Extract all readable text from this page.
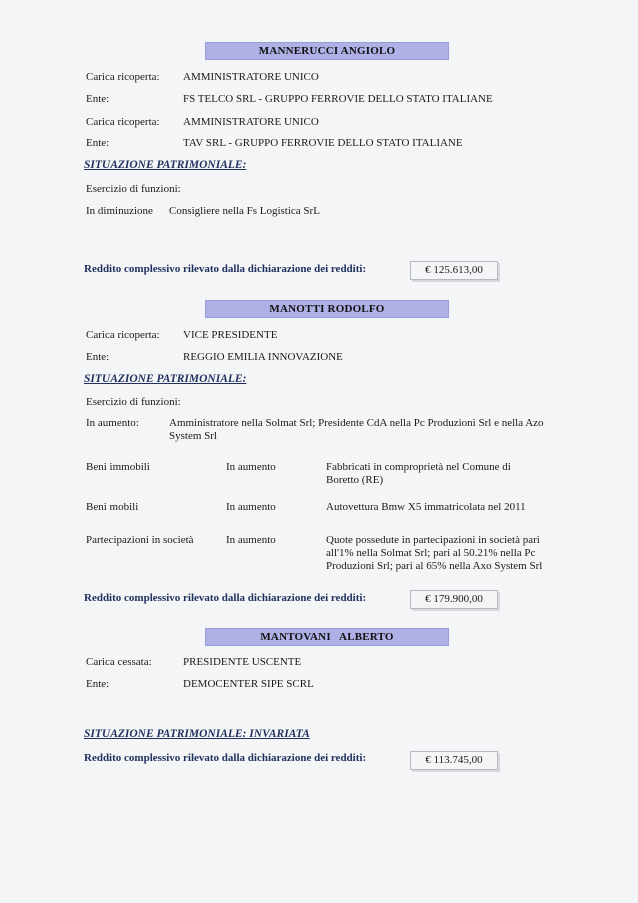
MANNERUCCI ANGIOLO
Carica ricoperta: AMMINISTRATORE UNICO
Ente:	FS TELCO SRL - GRUPPO FERROVIE DELLO STATO ITALIANE
Carica ricoperta: AMMINISTRATORE UNICO
Ente:	TAV SRL - GRUPPO FERROVIE DELLO STATO ITALIANE
SITUAZIONE PATRIMONIALE:
Esercizio di funzioni:
In diminuzione Consigliere nella Fs Logistica SrL
Reddito complessivo rilevato dalla dichiarazione dei redditi:	€ 125.613,00
MANOTTI RODOLFO
Carica ricoperta: VICE PRESIDENTE
Ente:	REGGIO EMILIA INNOVAZIONE
SITUAZIONE PATRIMONIALE:
Esercizio di funzioni:
In aumento:	Amministratore nella Solmat Srl; Presidente CdA nella Pc Produzioni Srl e nella Azo System Srl
Beni immobili	In aumento	Fabbricati in comproprietà nel Comune di Boretto (RE)
Beni mobili	In aumento	Autovettura Bmw X5 immatricolata nel 2011
Partecipazioni in società	In aumento	Quote possedute in partecipazioni in società pari all'1% nella Solmat Srl; pari al 50.21% nella Pc Produzioni Srl; pari al 65% nella Axo System Srl
Reddito complessivo rilevato dalla dichiarazione dei redditi:	€ 179.900,00
MANTOVANI   ALBERTO
Carica cessata:	PRESIDENTE USCENTE
Ente:	DEMOCENTER SIPE SCRL
SITUAZIONE PATRIMONIALE: INVARIATA
Reddito complessivo rilevato dalla dichiarazione dei redditi:	€ 113.745,00
